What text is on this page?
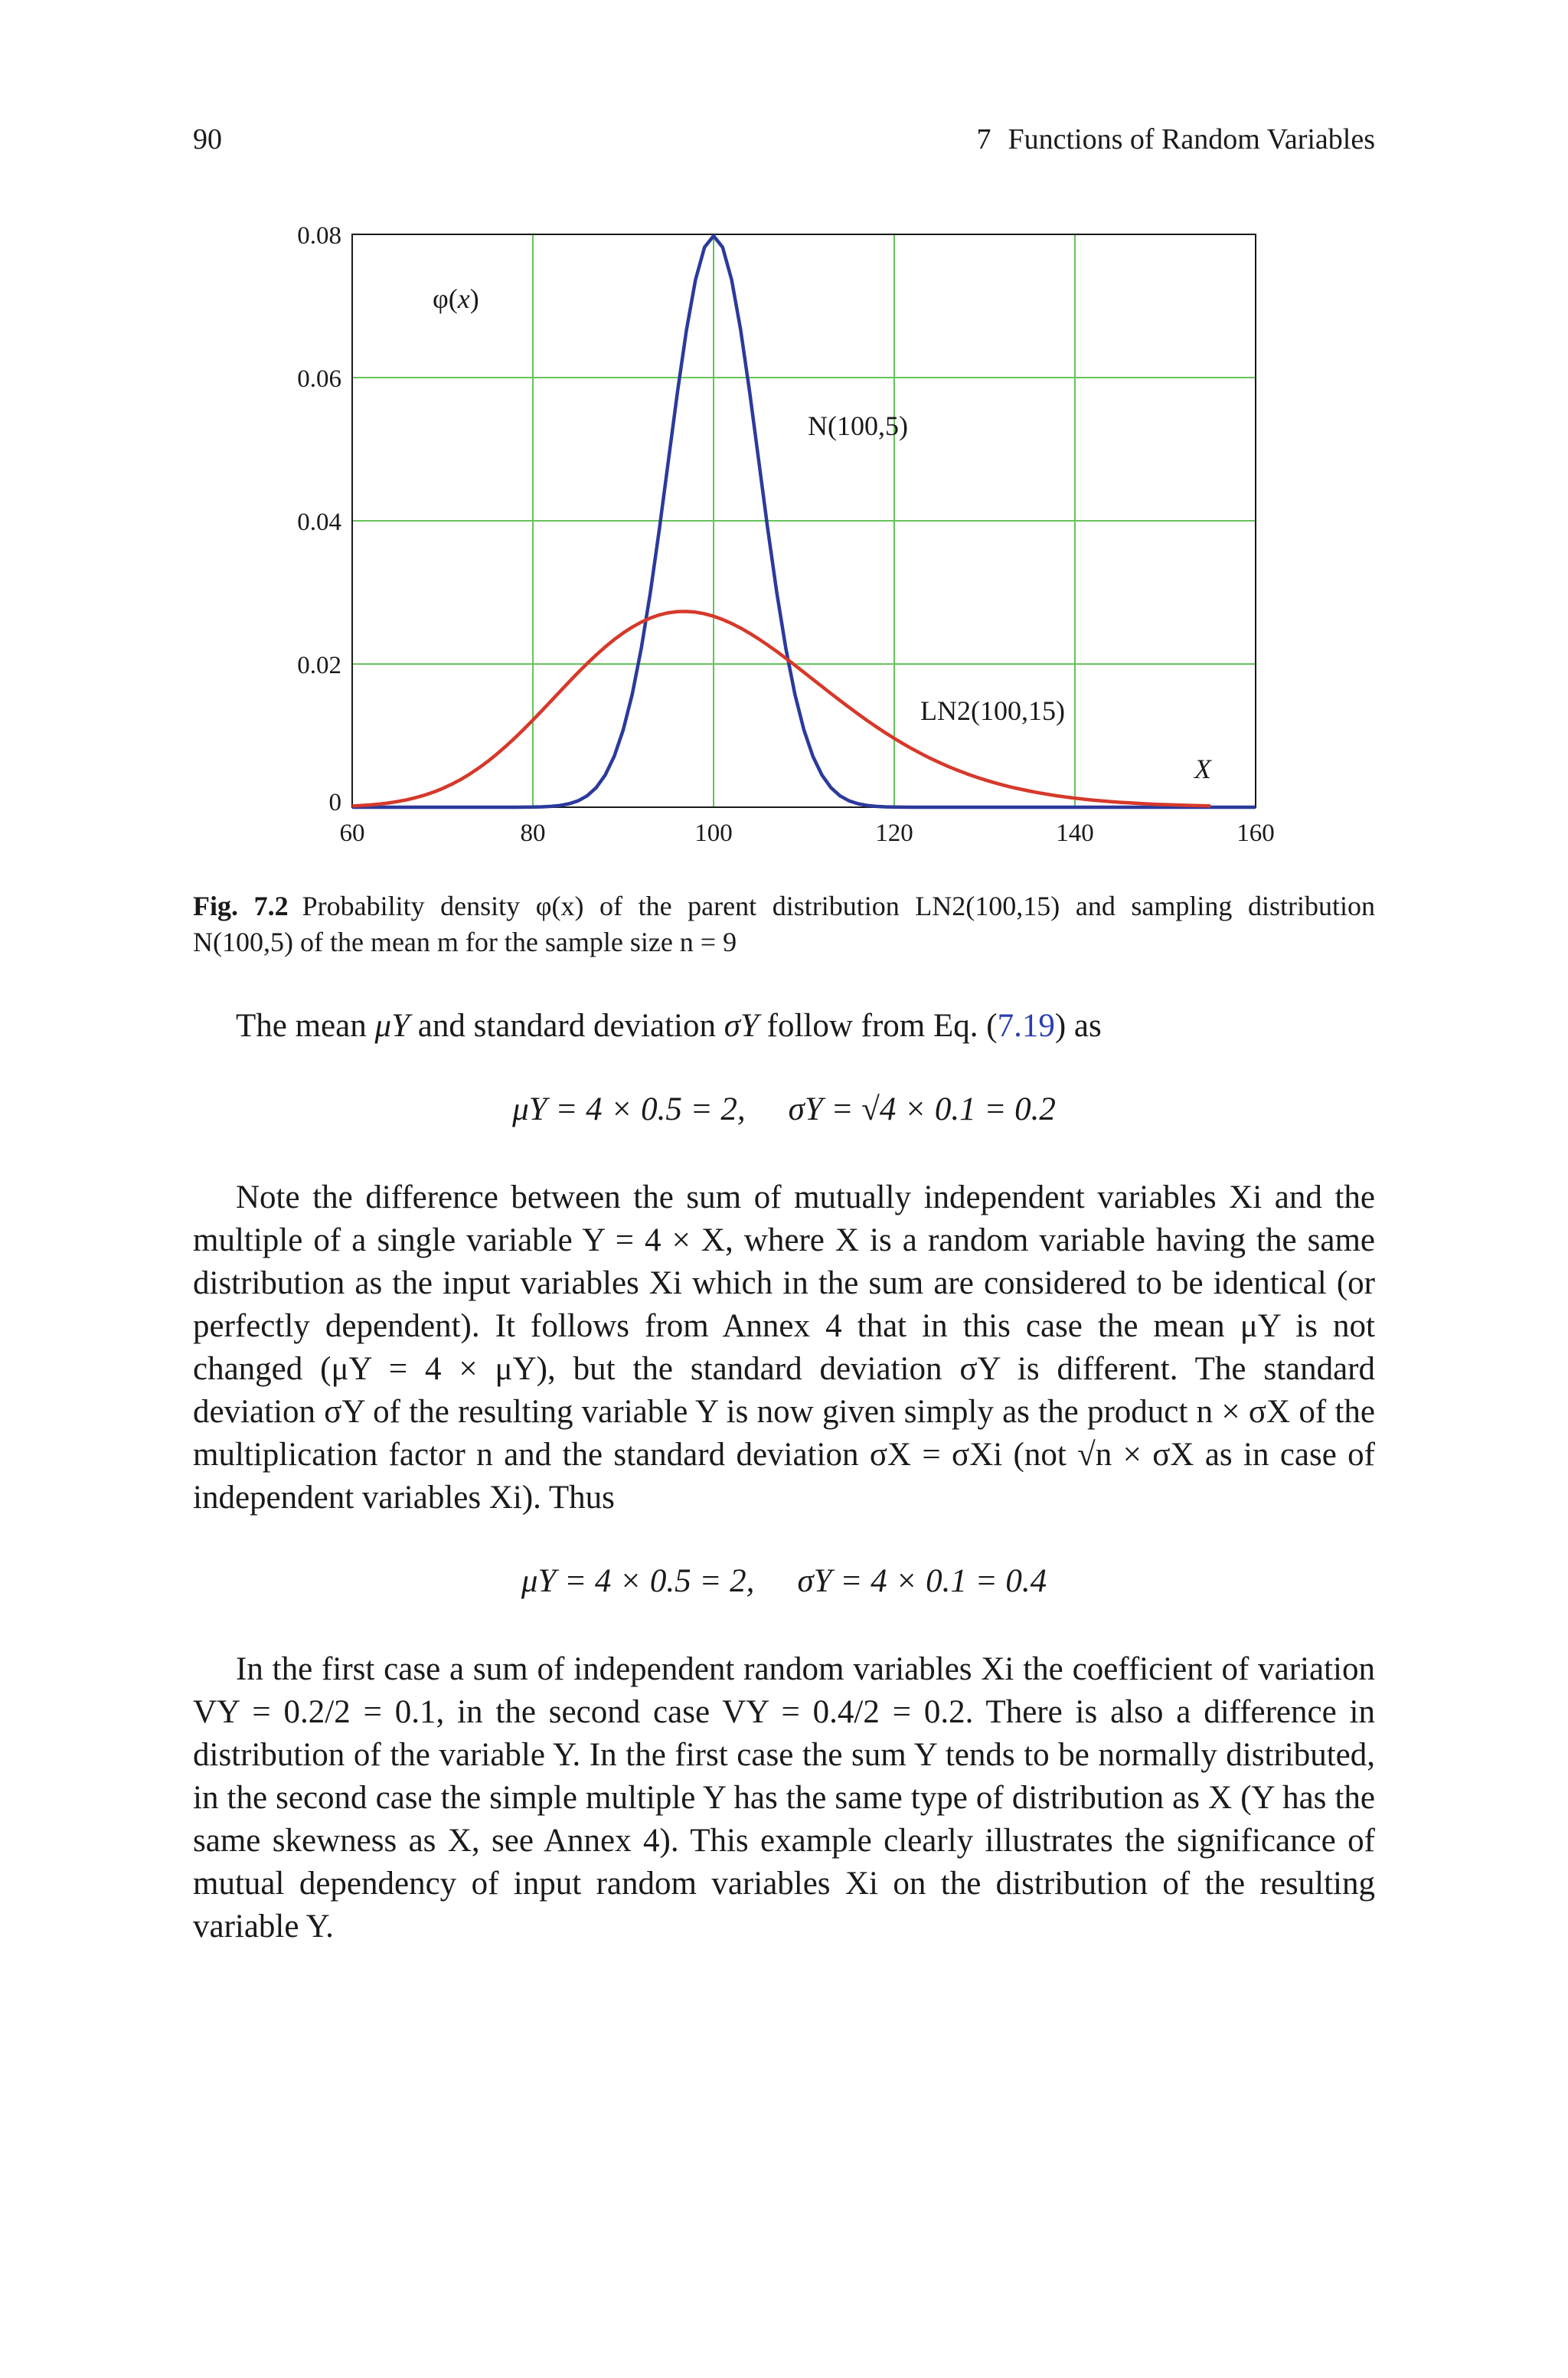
90	7 Functions of Random Variables
60	80	100	120	140	160
0
0.02
0.04
0.06
0.08
φ(x)
X
N(100,5)
LN2(100,15)
Fig. 7.2 Probability density φ(x) of the parent distribution LN2(100,15) and sampling distribution N(100,5) of the mean m for the sample size n = 9
The mean μY and standard deviation σY follow from Eq. (7.19) as
μY = 4 × 0.5 = 2, σY = √4 × 0.1 = 0.2
Note the difference between the sum of mutually independent variables Xi and the multiple of a single variable Y = 4 × X, where X is a random variable having the same distribution as the input variables Xi which in the sum are considered to be identical (or perfectly dependent). It follows from Annex 4 that in this case the mean μY is not changed (μY = 4 × μY), but the standard deviation σY is different. The standard deviation σY of the resulting variable Y is now given simply as the product n × σX of the multiplication factor n and the standard deviation σX = σXi (not √n × σX as in case of independent variables Xi). Thus
μY = 4 × 0.5 = 2, σY = 4 × 0.1 = 0.4
In the first case a sum of independent random variables Xi the coefficient of variation VY = 0.2/2 = 0.1, in the second case VY = 0.4/2 = 0.2. There is also a difference in distribution of the variable Y. In the first case the sum Y tends to be normally distributed, in the second case the simple multiple Y has the same type of distribution as X (Y has the same skewness as X, see Annex 4). This example clearly illustrates the significance of mutual dependency of input random variables Xi on the distribution of the resulting variable Y.
